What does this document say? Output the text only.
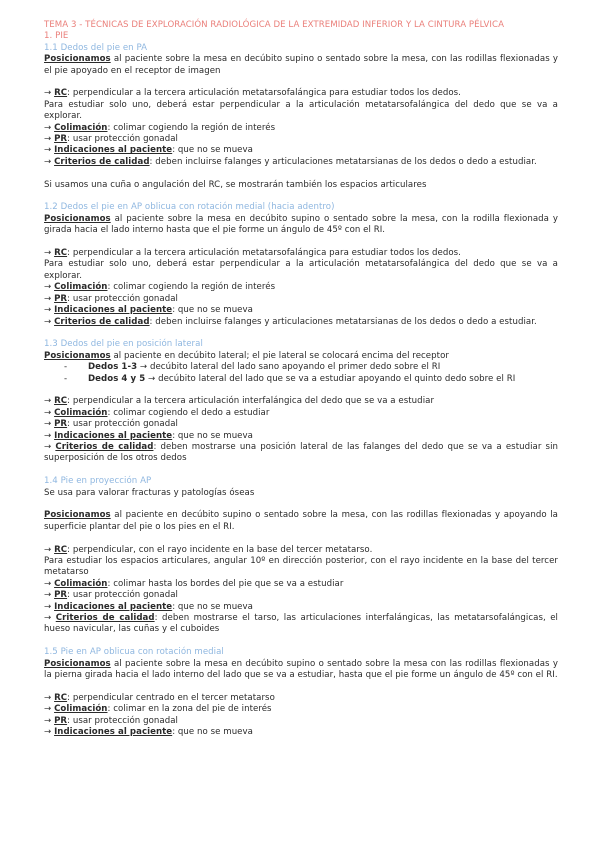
TEMA 3 - TÉCNICAS DE EXPLORACIÓN RADIOLÓGICA DE LA EXTREMIDAD INFERIOR Y LA CINTURA PÉLVICA
1. PIE
1.1 Dedos del pie en PA

Posicionamos al paciente sobre la mesa en decúbito supino o sentado sobre la mesa, con las rodillas flexionadas y el pie apoyado en el receptor de imagen

→ RC: perpendicular a la tercera articulación metatarsofalángica para estudiar todos los dedos.

Para estudiar solo uno, deberá estar perpendicular a la articulación metatarsofalángica del dedo que se va a explorar.

→ Colimación: colimar cogiendo la región de interés

→ PR: usar protección gonadal

→ Indicaciones al paciente: que no se mueva

→ Criterios de calidad: deben incluirse falanges y articulaciones metatarsianas de los dedos o dedo a estudiar.

Si usamos una cuña o angulación del RC, se mostrarán también los espacios articulares

1.2 Dedos el pie en AP oblicua con rotación medial (hacia adentro)

Posicionamos al paciente sobre la mesa en decúbito supino o sentado sobre la mesa, con la rodilla flexionada y girada hacia el lado interno hasta que el pie forme un ángulo de 45º con el RI.

→ RC: perpendicular a la tercera articulación metatarsofalángica para estudiar todos los dedos.

Para estudiar solo uno, deberá estar perpendicular a la articulación metatarsofalángica del dedo que se va a explorar.

→ Colimación: colimar cogiendo la región de interés

→ PR: usar protección gonadal

→ Indicaciones al paciente: que no se mueva

→ Criterios de calidad: deben incluirse falanges y articulaciones metatarsianas de los dedos o dedo a estudiar.

1.3 Dedos del pie en posición lateral

Posicionamos al paciente en decúbito lateral; el pie lateral se colocará encima del receptor

- Dedos 1-3 → decúbito lateral del lado sano apoyando el primer dedo sobre el RI

- Dedos 4 y 5 → decúbito lateral del lado que se va a estudiar apoyando el quinto dedo sobre el RI

→ RC: perpendicular a la tercera articulación interfalángica del dedo que se va a estudiar

→ Colimación: colimar cogiendo el dedo a estudiar

→ PR: usar protección gonadal

→ Indicaciones al paciente: que no se mueva

→ Criterios de calidad: deben mostrarse una posición lateral de las falanges del dedo que se va a estudiar sin superposición de los otros dedos

1.4 Pie en proyección AP

Se usa para valorar fracturas y patologías óseas

Posicionamos al paciente en decúbito supino o sentado sobre la mesa, con las rodillas flexionadas y apoyando la superficie plantar del pie o los pies en el RI.

→ RC: perpendicular, con el rayo incidente en la base del tercer metatarso.

Para estudiar los espacios articulares, angular 10º en dirección posterior, con el rayo incidente en la base del tercer metatarso

→ Colimación: colimar hasta los bordes del pie que se va a estudiar

→ PR: usar protección gonadal

→ Indicaciones al paciente: que no se mueva

→ Criterios de calidad: deben mostrarse el tarso, las articulaciones interfalángicas, las metatarsofalángicas, el hueso navicular, las cuñas y el cuboides

1.5 Pie en AP oblicua con rotación medial

Posicionamos al paciente sobre la mesa en decúbito supino o sentado sobre la mesa con las rodillas flexionadas y la pierna girada hacia el lado interno del lado que se va a estudiar, hasta que el pie forme un ángulo de 45º con el RI.

→ RC: perpendicular centrado en el tercer metatarso

→ Colimación: colimar en la zona del pie de interés

→ PR: usar protección gonadal

→ Indicaciones al paciente: que no se mueva
